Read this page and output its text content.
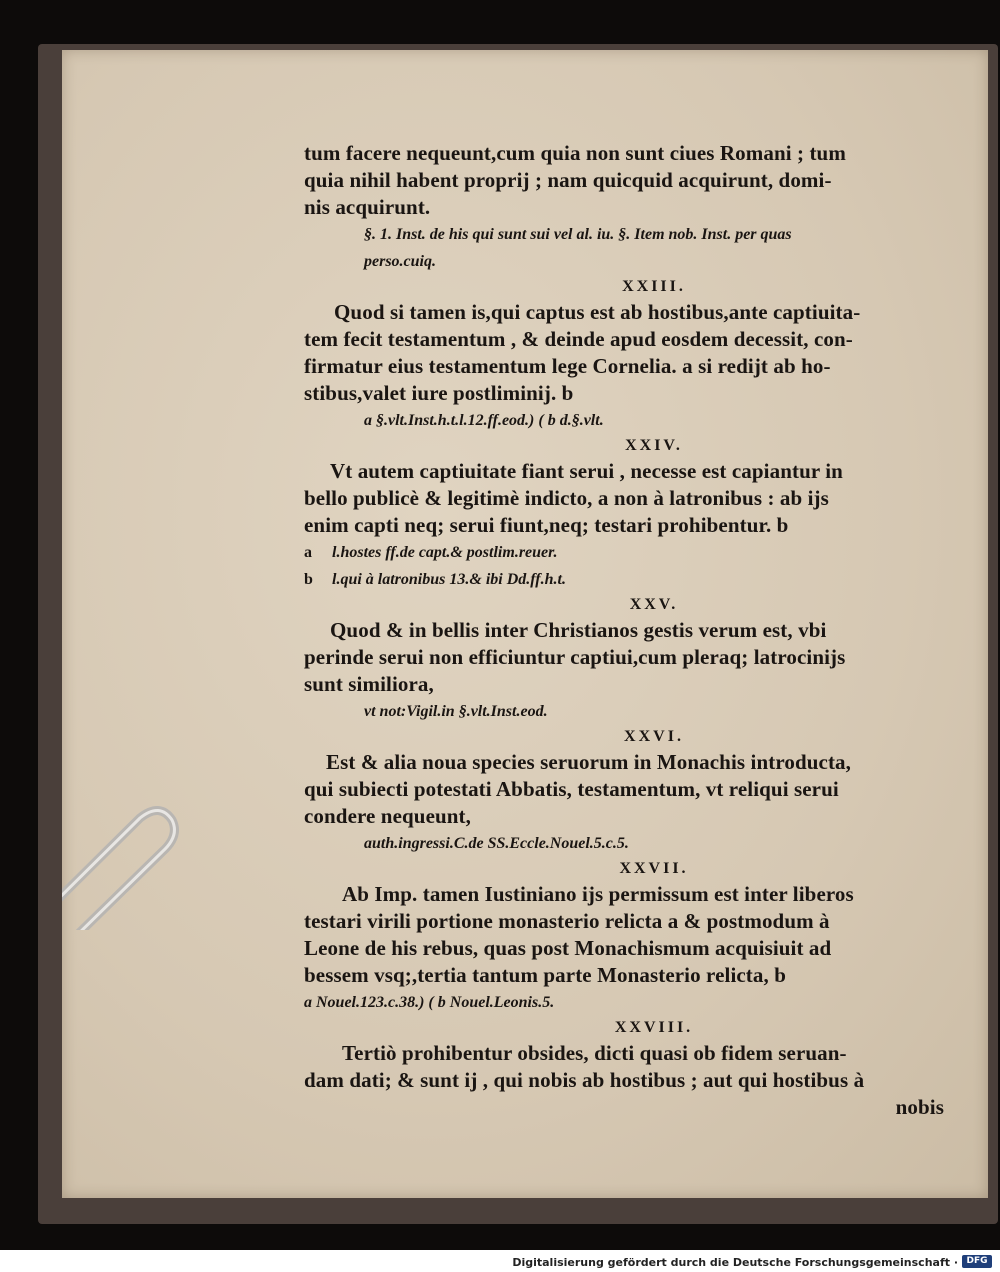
tum facere nequeunt,cum quia non sunt ciues Romani ; tum
quia nihil habent proprij ; nam quicquid acquirunt, domi-
nis acquirunt.
§. 1. Inst. de his qui sunt sui vel al. iu. §. Item nob. Inst. per quas
perso.cuiq.
XXIII.
Quod si tamen is,qui captus est ab hostibus,ante captiuita-
tem fecit testamentum , & deinde apud eosdem decessit, con-
firmatur eius testamentum lege Cornelia. a si redijt ab ho-
stibus,valet iure postliminij. b
a §.vlt.Inst.h.t.l.12.ff.eod.) ( b d.§.vlt.
XXIV.
Vt autem captiuitate fiant serui , necesse est capiantur in
bello publicè & legitimè indicto, a non à latronibus : ab ijs
enim capti neq; serui fiunt,neq; testari prohibentur. b
a l.hostes ff.de capt.& postlim.reuer.
b l.qui à latronibus 13.& ibi Dd.ff.h.t.
XXV.
Quod & in bellis inter Christianos gestis verum est, vbi
perinde serui non efficiuntur captiui,cum pleraq; latrocinijs
sunt similiora,
vt not:Vigil.in §.vlt.Inst.eod.
XXVI.
Est & alia noua species seruorum in Monachis introducta,
qui subiecti potestati Abbatis, testamentum, vt reliqui serui
condere nequeunt,
auth.ingressi.C.de SS.Eccle.Nouel.5.c.5.
XXVII.
Ab Imp. tamen Iustiniano ijs permissum est inter liberos
testari virili portione monasterio relicta a & postmodum à
Leone de his rebus, quas post Monachismum acquisiuit ad
bessem vsq;,tertia tantum parte Monasterio relicta, b
a Nouel.123.c.38.) ( b Nouel.Leonis.5.
XXVIII.
Tertiò prohibentur obsides, dicti quasi ob fidem seruan-
dam dati; & sunt ij , qui nobis ab hostibus ; aut qui hostibus à
nobis
Digitalisierung gefördert durch die Deutsche Forschungsgemeinschaft · DFG
